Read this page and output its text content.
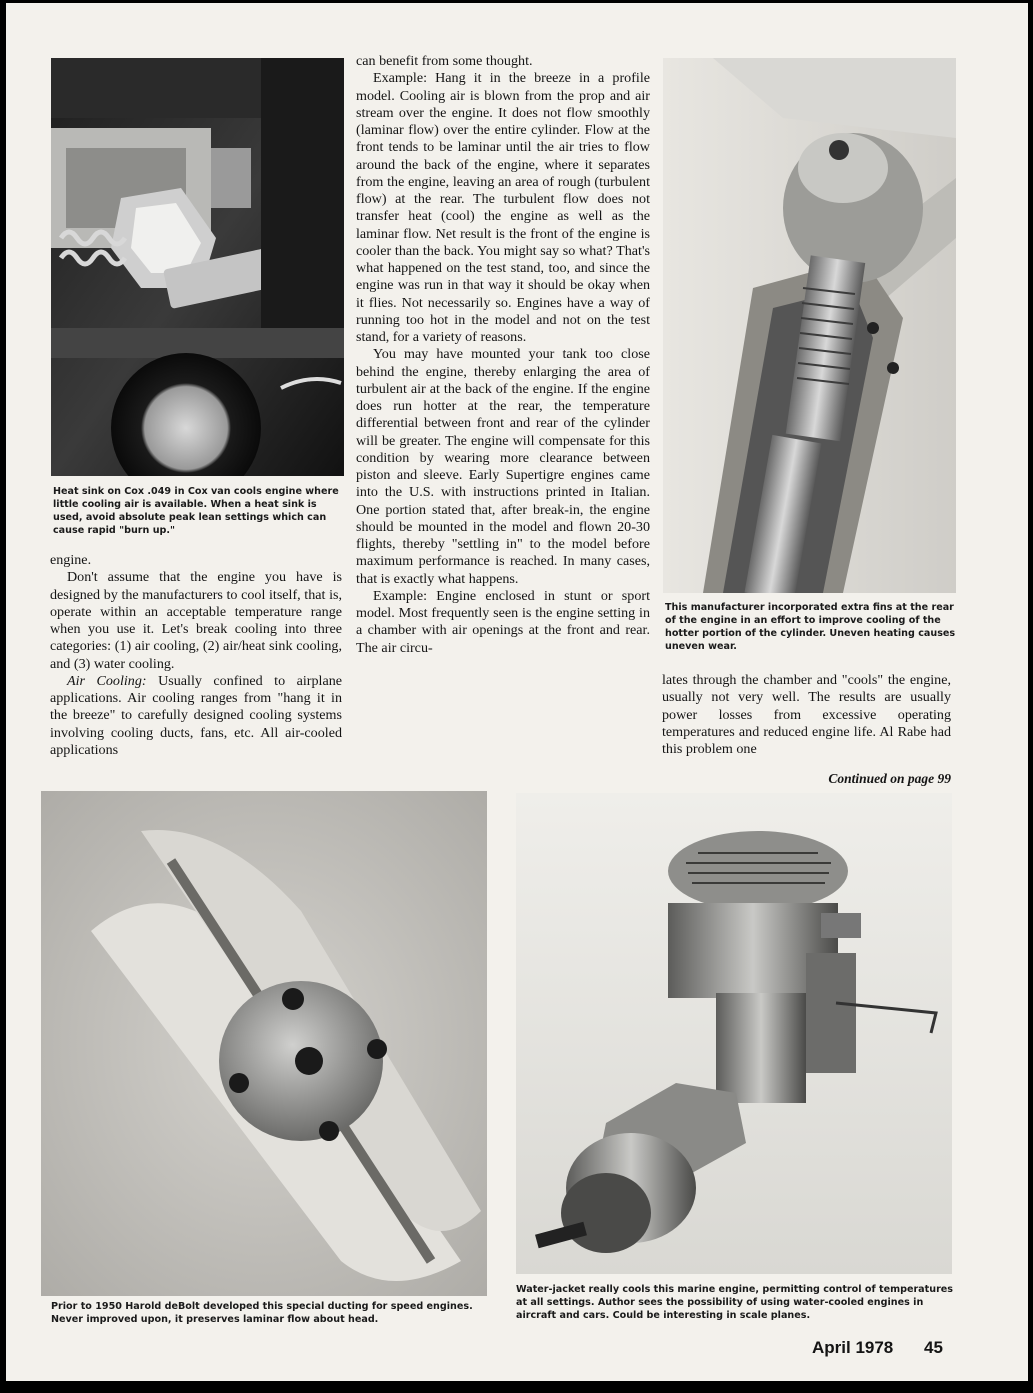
Heat sink on Cox .049 in Cox van cools engine where little cooling air is available. When a heat sink is used, avoid absolute peak lean settings which can cause rapid "burn up."

engine.

Don't assume that the engine you have is designed by the manufacturers to cool itself, that is, operate within an acceptable temperature range when you use it. Let's break cooling into three categories: (1) air cooling, (2) air/heat sink cooling, and (3) water cooling.

Air Cooling: Usually confined to airplane applications. Air cooling ranges from "hang it in the breeze" to carefully designed cooling systems involving cooling ducts, fans, etc. All air-cooled applications

can benefit from some thought.

Example: Hang it in the breeze in a profile model. Cooling air is blown from the prop and air stream over the engine. It does not flow smoothly (laminar flow) over the entire cylinder. Flow at the front tends to be laminar until the air tries to flow around the back of the engine, where it separates from the engine, leaving an area of rough (turbulent flow) at the rear. The turbulent flow does not transfer heat (cool) the engine as well as the laminar flow. Net result is the front of the engine is cooler than the back. You might say so what? That's what happened on the test stand, too, and since the engine was run in that way it should be okay when it flies. Not necessarily so. Engines have a way of running too hot in the model and not on the test stand, for a variety of reasons.

You may have mounted your tank too close behind the engine, thereby enlarging the area of turbulent air at the back of the engine. If the engine does run hotter at the rear, the temperature differential between front and rear of the cylinder will be greater. The engine will compensate for this condition by wearing more clearance between piston and sleeve. Early Supertigre engines came into the U.S. with instructions printed in Italian. One portion stated that, after break-in, the engine should be mounted in the model and flown 20-30 flights, thereby "settling in" to the model before maximum performance is reached. In many cases, that is exactly what happens.

Example: Engine enclosed in stunt or sport model. Most frequently seen is the engine setting in a chamber with air openings at the front and rear. The air circu-

This manufacturer incorporated extra fins at the rear of the engine in an effort to improve cooling of the hotter portion of the cylinder. Uneven heating causes uneven wear.

lates through the chamber and "cools" the engine, usually not very well. The results are usually power losses from excessive operating temperatures and reduced engine life. Al Rabe had this problem one

Continued on page 99
Prior to 1950 Harold deBolt developed this special ducting for speed engines. Never improved upon, it preserves laminar flow about head.
Water-jacket really cools this marine engine, permitting control of temperatures at all settings. Author sees the possibility of using water-cooled engines in aircraft and cars. Could be interesting in scale planes.
April 1978 45
